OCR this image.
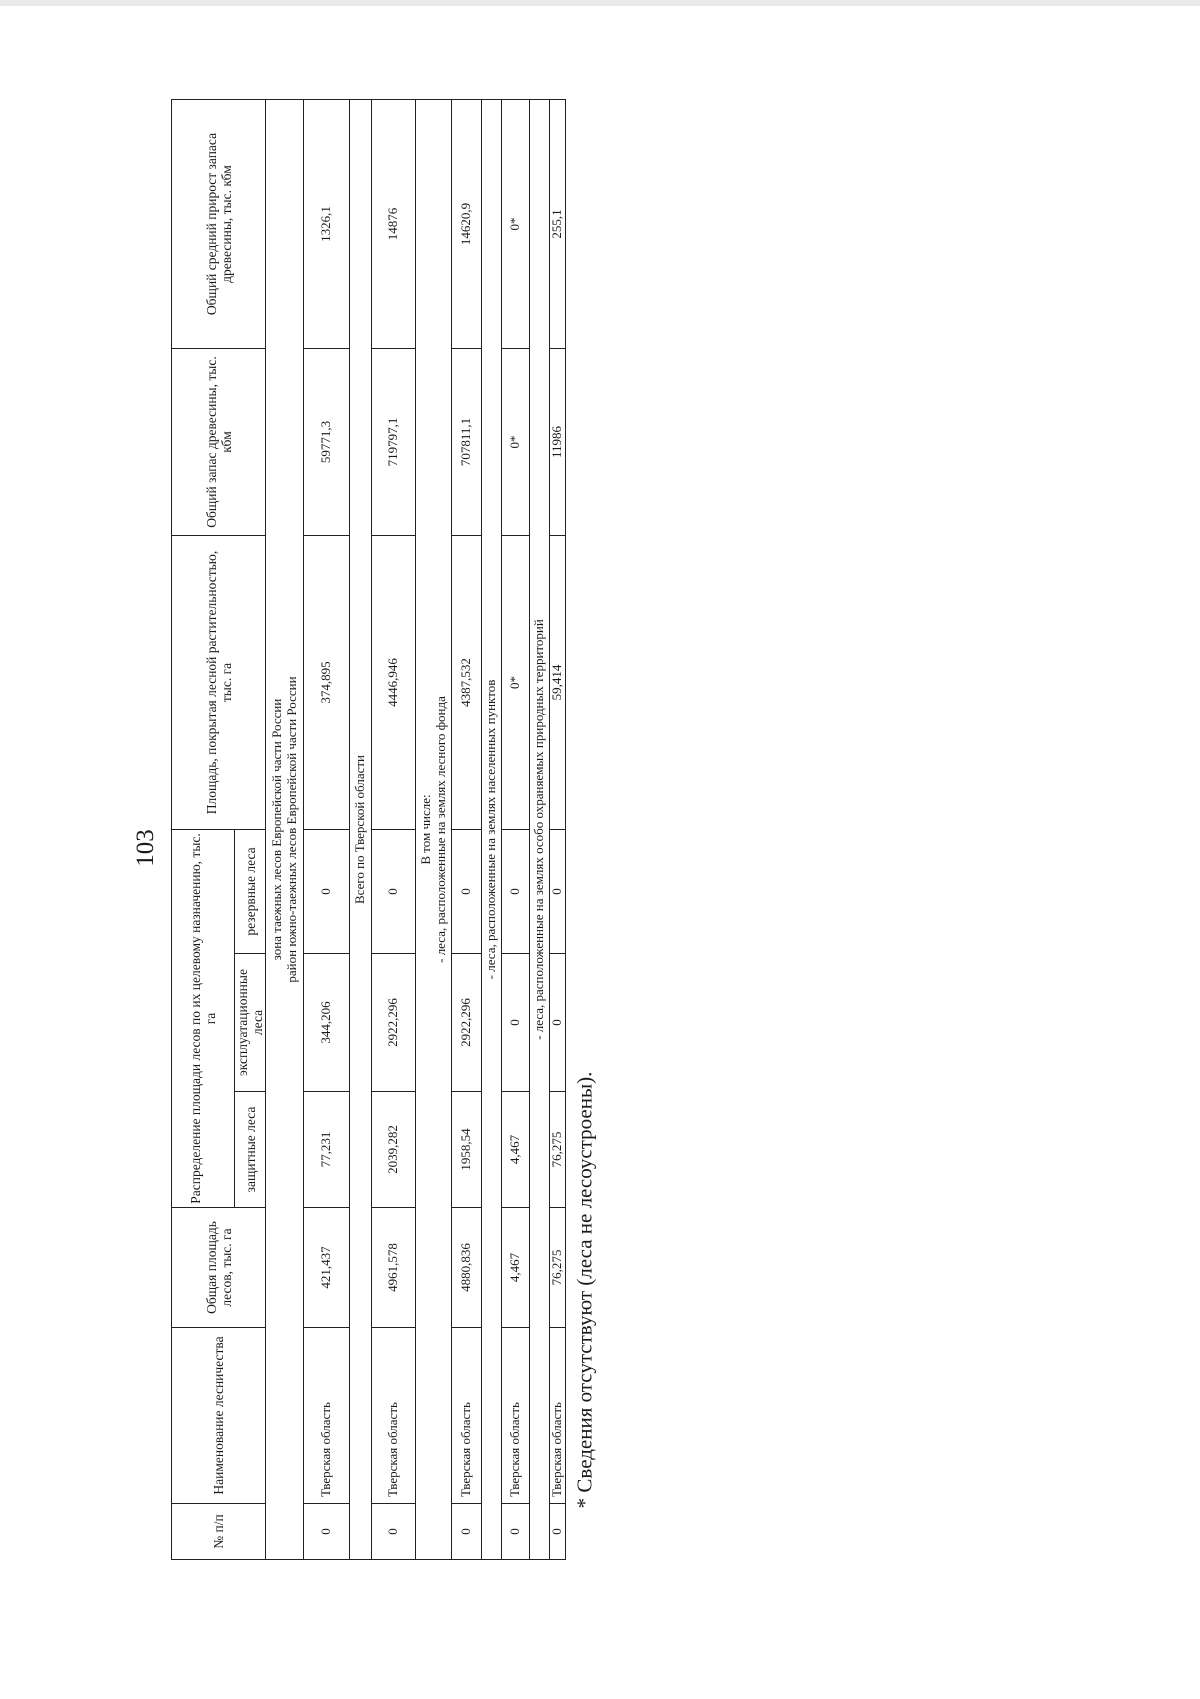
103
№ п/п	Наименование лесничества	Общая площадь лесов, тыс. га	Распределение площади лесов по их целевому назначению, тыс. га			Площадь, покрытая лесной растительностью, тыс. га	Общий запас древесины, тыс. кбм	Общий средний прирост запаса древесины, тыс. кбм
			защитные леса	эксплуатационные леса	резервные леса			

зона таежных лесов Европейской части России район южно-таежных лесов Европейской части России								

0	Тверская область	421,437	77,231	344,206	0	374,895	59771,3	1326,1

Всего по Тверской области								

0	Тверская область	4961,578	2039,282	2922,296	0	4446,946	719797,1	14876

В том числе: - леса, расположенные на землях лесного фонда								

0	Тверская область	4880,836	1958,54	2922,296	0	4387,532	707811,1	14620,9

- леса, расположенные на землях населенных пунктов								

0	Тверская область	4,467	4,467	0	0	0*	0*	0*

- леса, расположенные на землях особо охраняемых природных территорий								

0	Тверская область	76,275	76,275	0	0	59,414	11986	255,1
* Сведения отсутствуют (леса не лесоустроены).
